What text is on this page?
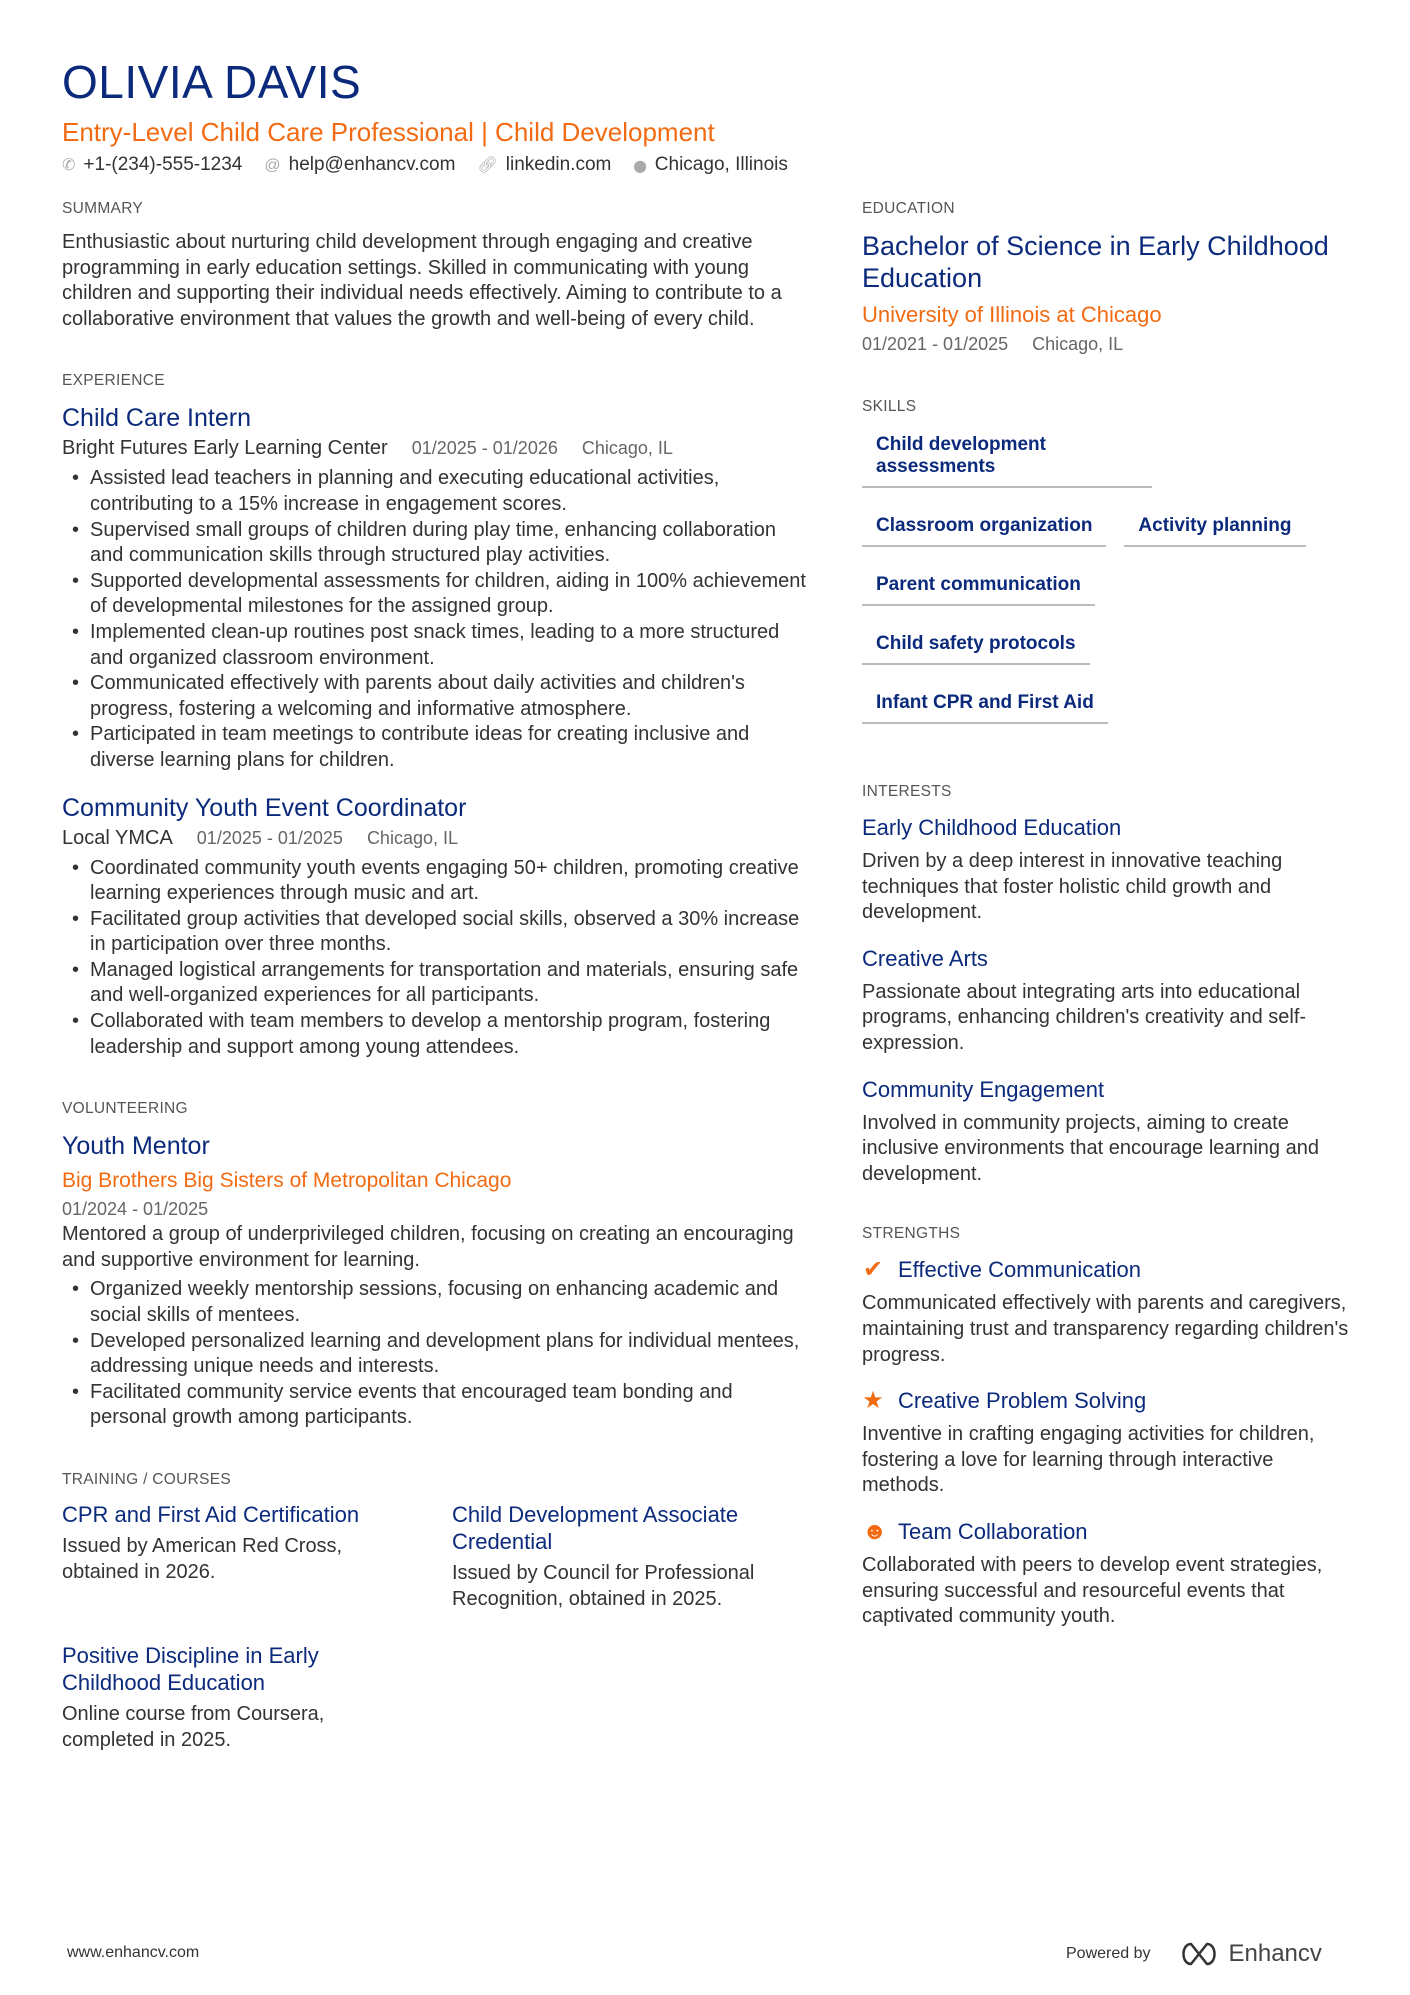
OLIVIA DAVIS
Entry-Level Child Care Professional | Child Development
✆ +1-(234)-555-1234 @ help@enhancv.com 🔗︎ linkedin.com ⬤ Chicago, Illinois
SUMMARY
Enthusiastic about nurturing child development through engaging and creative programming in early education settings. Skilled in communicating with young children and supporting their individual needs effectively. Aiming to contribute to a collaborative environment that values the growth and well-being of every child.
EXPERIENCE
Child Care Intern
Bright Futures Early Learning Center 01/2025 - 01/2026 Chicago, IL
• Assisted lead teachers in planning and executing educational activities, contributing to a 15% increase in engagement scores.
• Supervised small groups of children during play time, enhancing collaboration and communication skills through structured play activities.
• Supported developmental assessments for children, aiding in 100% achievement of developmental milestones for the assigned group.
• Implemented clean-up routines post snack times, leading to a more structured and organized classroom environment.
• Communicated effectively with parents about daily activities and children's progress, fostering a welcoming and informative atmosphere.
• Participated in team meetings to contribute ideas for creating inclusive and diverse learning plans for children.
Community Youth Event Coordinator
Local YMCA 01/2025 - 01/2025 Chicago, IL
• Coordinated community youth events engaging 50+ children, promoting creative learning experiences through music and art.
• Facilitated group activities that developed social skills, observed a 30% increase in participation over three months.
• Managed logistical arrangements for transportation and materials, ensuring safe and well-organized experiences for all participants.
• Collaborated with team members to develop a mentorship program, fostering leadership and support among young attendees.
VOLUNTEERING
Youth Mentor
Big Brothers Big Sisters of Metropolitan Chicago
01/2024 - 01/2025
Mentored a group of underprivileged children, focusing on creating an encouraging and supportive environment for learning.
• Organized weekly mentorship sessions, focusing on enhancing academic and social skills of mentees.
• Developed personalized learning and development plans for individual mentees, addressing unique needs and interests.
• Facilitated community service events that encouraged team bonding and personal growth among participants.
TRAINING / COURSES
CPR and First Aid Certification
Issued by American Red Cross, obtained in 2026.
Child Development Associate Credential
Issued by Council for Professional Recognition, obtained in 2025.
Positive Discipline in Early Childhood Education
Online course from Coursera, completed in 2025.
EDUCATION
Bachelor of Science in Early Childhood Education
University of Illinois at Chicago
01/2021 - 01/2025 Chicago, IL
SKILLS
Child development assessments
Classroom organization	Activity planning
Parent communication
Child safety protocols
Infant CPR and First Aid
INTERESTS
Early Childhood Education
Driven by a deep interest in innovative teaching techniques that foster holistic child growth and development.
Creative Arts
Passionate about integrating arts into educational programs, enhancing children's creativity and self-expression.
Community Engagement
Involved in community projects, aiming to create inclusive environments that encourage learning and development.
STRENGTHS
✔ Effective Communication
Communicated effectively with parents and caregivers, maintaining trust and transparency regarding children's progress.
★ Creative Problem Solving
Inventive in crafting engaging activities for children, fostering a love for learning through interactive methods.
☻ Team Collaboration
Collaborated with peers to develop event strategies, ensuring successful and resourceful events that captivated community youth.
www.enhancv.com	Powered by	Enhancv
